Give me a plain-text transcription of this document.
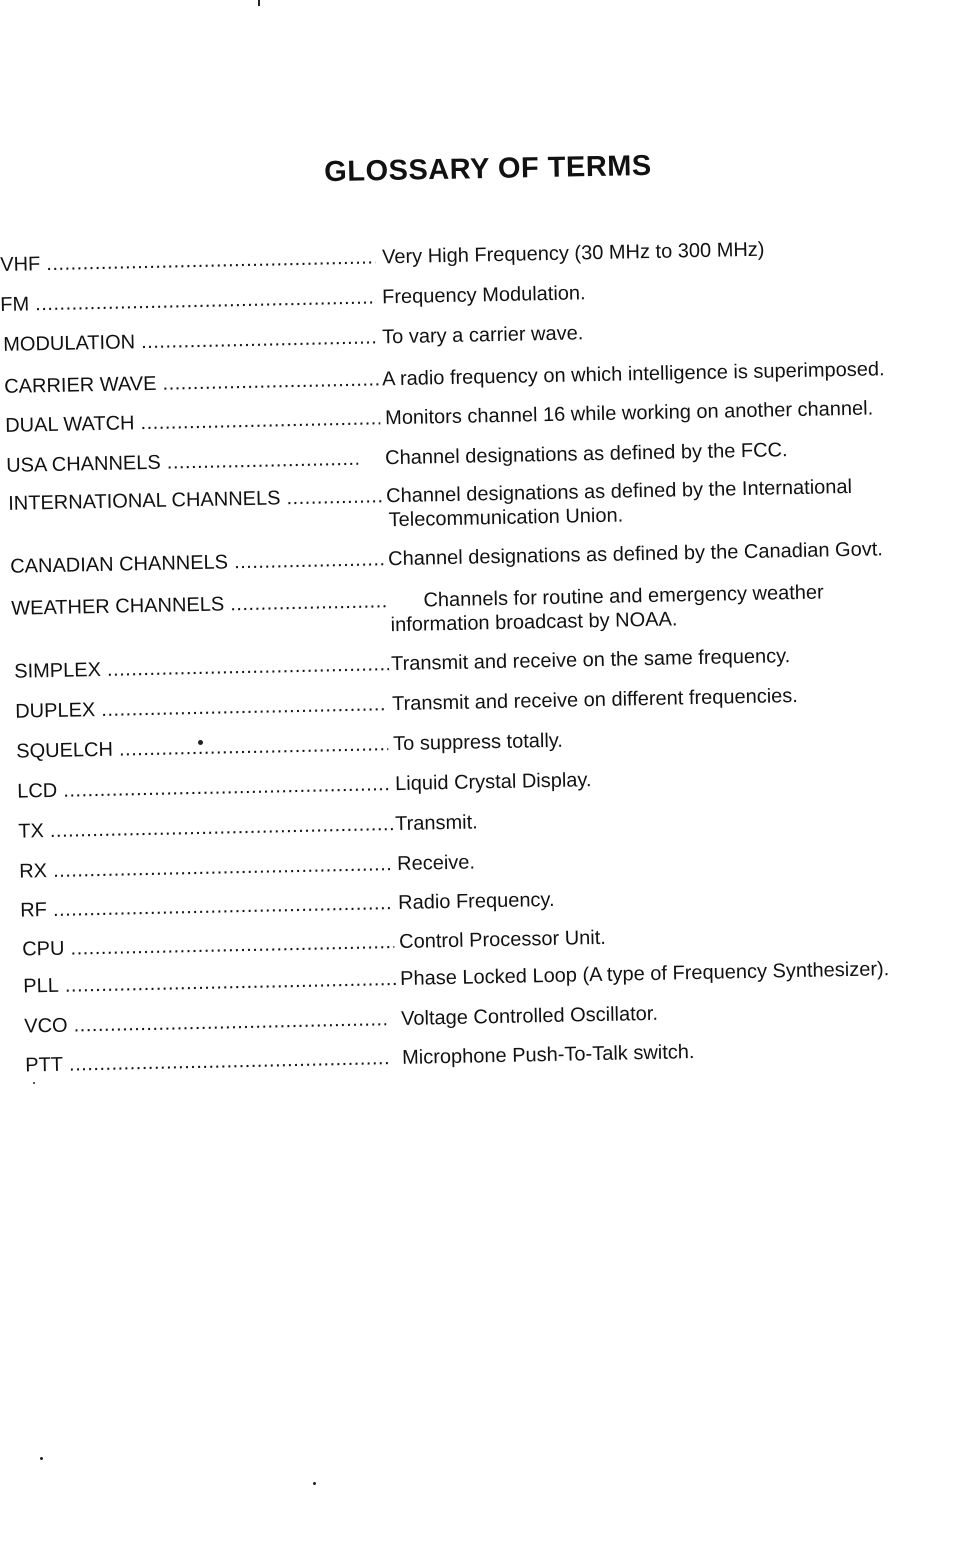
GLOSSARY OF TERMS
VHF .....	Very High Frequency (30 MHz to 300 MHz)
FM .....	Frequency Modulation.
MODULATION .....	To vary a carrier wave.
CARRIER WAVE .....	A radio frequency on which intelligence is superimposed.
DUAL WATCH .....	Monitors channel 16 while working on another channel.
USA CHANNELS .....	Channel designations as defined by the FCC.
INTERNATIONAL CHANNELS .....	Channel designations as defined by the International
Telecommunication Union.
CANADIAN CHANNELS .....	Channel designations as defined by the Canadian Govt.
WEATHER CHANNELS .....	Channels for routine and emergency weather
information broadcast by NOAA.
SIMPLEX .....	Transmit and receive on the same frequency.
DUPLEX .....	Transmit and receive on different frequencies.
SQUELCH .....	To suppress totally.
LCD .....	Liquid Crystal Display.
TX .....	Transmit.
RX .....	Receive.
RF .....	Radio Frequency.
CPU .....	Control Processor Unit.
PLL .....	Phase Locked Loop (A type of Frequency Synthesizer).
VCO .....	Voltage Controlled Oscillator.
PTT .....	Microphone Push-To-Talk switch.
